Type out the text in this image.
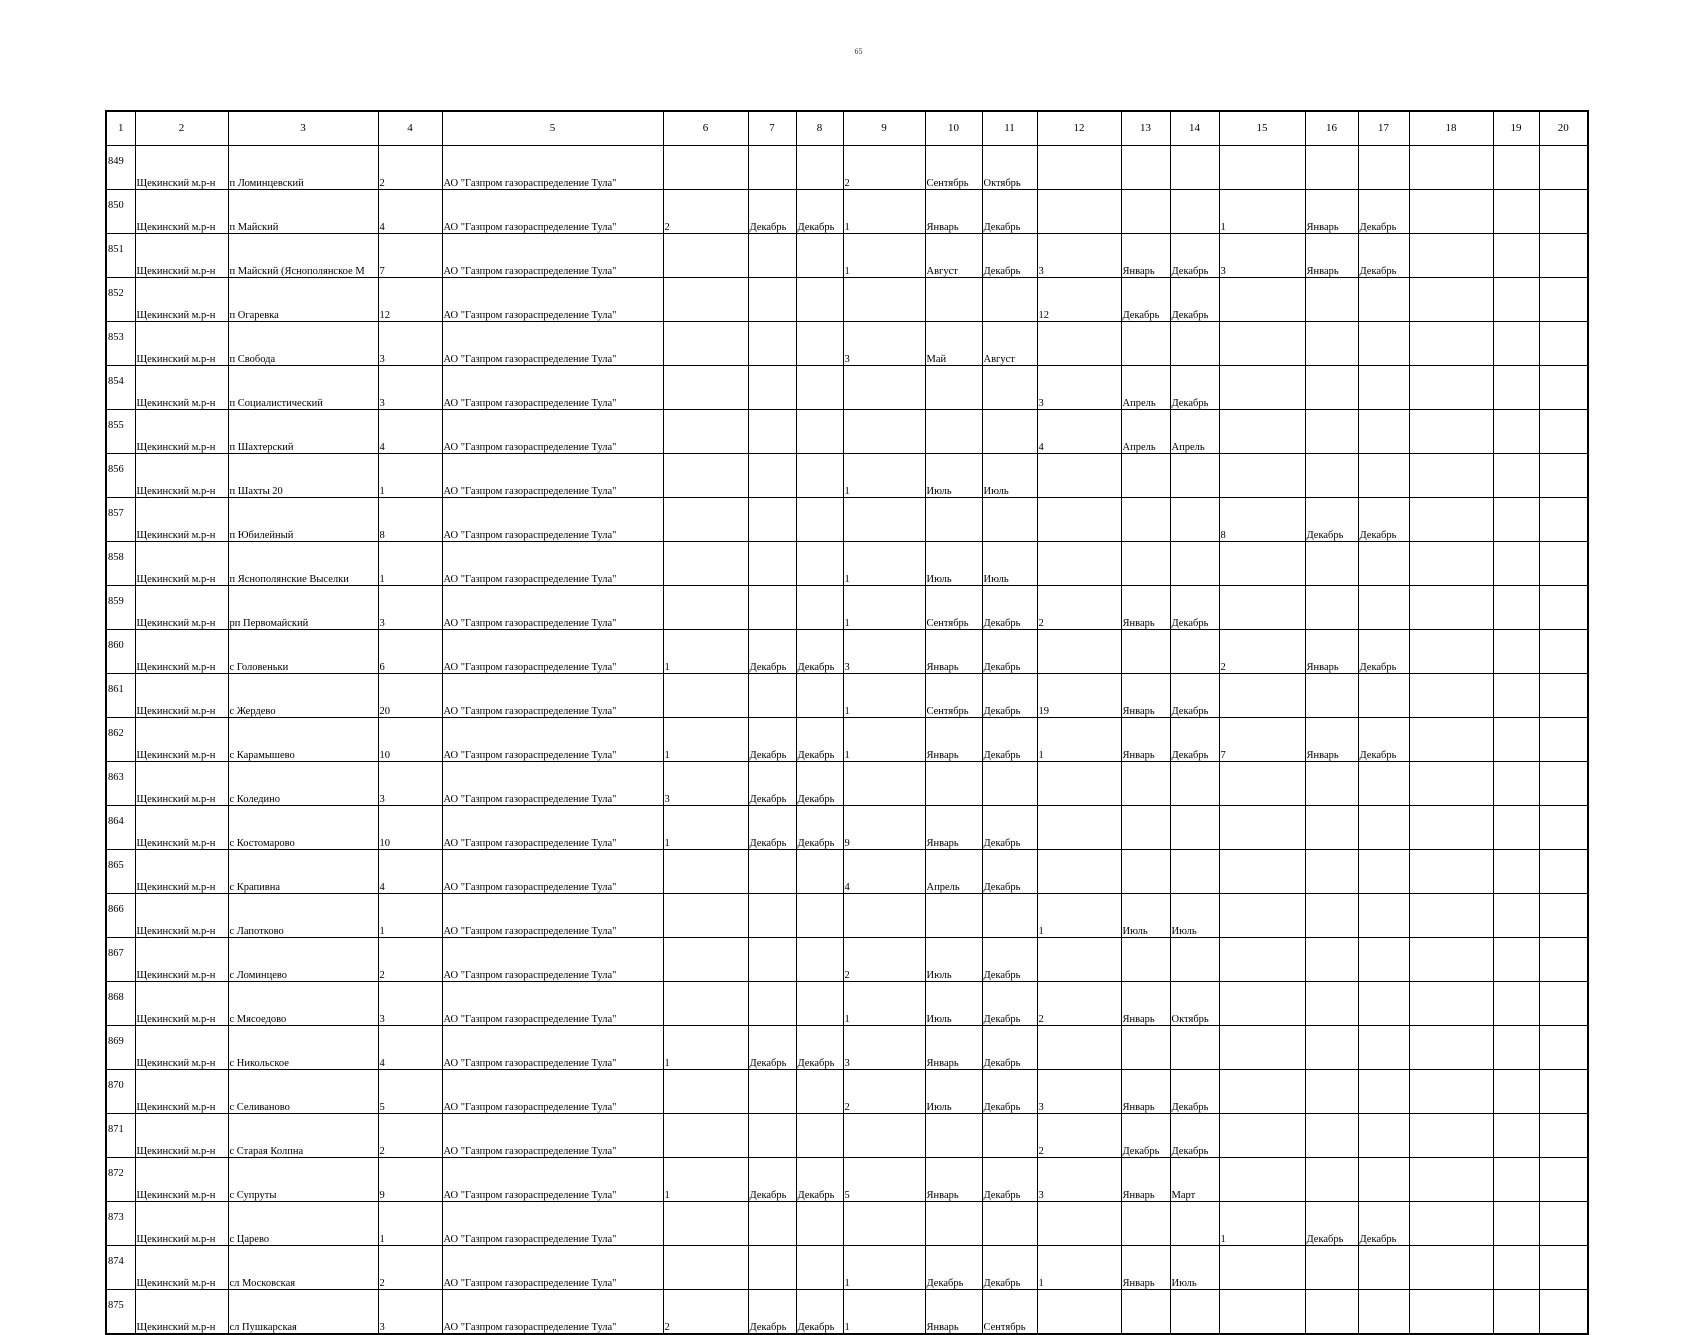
65
1	2	3	4	5	6	7	8	9	10	11	12	13	14	15	16	17	18	19	20
849	Щекинский м.р-н	п Ломинцевский	2	АО "Газпром газораспределение Тула"				2	Сентябрь	Октябрь									
850	Щекинский м.р-н	п Майский	4	АО "Газпром газораспределение Тула"	2	Декабрь	Декабрь	1	Январь	Декабрь				1	Январь	Декабрь			
851	Щекинский м.р-н	п Майский (Яснополянское М	7	АО "Газпром газораспределение Тула"				1	Август	Декабрь	3	Январь	Декабрь	3	Январь	Декабрь			
852	Щекинский м.р-н	п Огаревка	12	АО "Газпром газораспределение Тула"							12	Декабрь	Декабрь						
853	Щекинский м.р-н	п Свобода	3	АО "Газпром газораспределение Тула"				3	Май	Август									
854	Щекинский м.р-н	п Социалистический	3	АО "Газпром газораспределение Тула"							3	Апрель	Декабрь						
855	Щекинский м.р-н	п Шахтерский	4	АО "Газпром газораспределение Тула"							4	Апрель	Апрель						
856	Щекинский м.р-н	п Шахты 20	1	АО "Газпром газораспределение Тула"				1	Июль	Июль									
857	Щекинский м.р-н	п Юбилейный	8	АО "Газпром газораспределение Тула"										8	Декабрь	Декабрь			
858	Щекинский м.р-н	п Яснополянские Выселки	1	АО "Газпром газораспределение Тула"				1	Июль	Июль									
859	Щекинский м.р-н	рп Первомайский	3	АО "Газпром газораспределение Тула"				1	Сентябрь	Декабрь	2	Январь	Декабрь						
860	Щекинский м.р-н	с Головеньки	6	АО "Газпром газораспределение Тула"	1	Декабрь	Декабрь	3	Январь	Декабрь				2	Январь	Декабрь			
861	Щекинский м.р-н	с Жердево	20	АО "Газпром газораспределение Тула"				1	Сентябрь	Декабрь	19	Январь	Декабрь						
862	Щекинский м.р-н	с Карамышево	10	АО "Газпром газораспределение Тула"	1	Декабрь	Декабрь	1	Январь	Декабрь	1	Январь	Декабрь	7	Январь	Декабрь			
863	Щекинский м.р-н	с Коледино	3	АО "Газпром газораспределение Тула"	3	Декабрь	Декабрь												
864	Щекинский м.р-н	с Костомарово	10	АО "Газпром газораспределение Тула"	1	Декабрь	Декабрь	9	Январь	Декабрь									
865	Щекинский м.р-н	с Крапивна	4	АО "Газпром газораспределение Тула"				4	Апрель	Декабрь									
866	Щекинский м.р-н	с Лапотково	1	АО "Газпром газораспределение Тула"							1	Июль	Июль						
867	Щекинский м.р-н	с Ломинцево	2	АО "Газпром газораспределение Тула"				2	Июль	Декабрь									
868	Щекинский м.р-н	с Мясоедово	3	АО "Газпром газораспределение Тула"				1	Июль	Декабрь	2	Январь	Октябрь						
869	Щекинский м.р-н	с Никольское	4	АО "Газпром газораспределение Тула"	1	Декабрь	Декабрь	3	Январь	Декабрь									
870	Щекинский м.р-н	с Селиваново	5	АО "Газпром газораспределение Тула"				2	Июль	Декабрь	3	Январь	Декабрь						
871	Щекинский м.р-н	с Старая Колпна	2	АО "Газпром газораспределение Тула"							2	Декабрь	Декабрь						
872	Щекинский м.р-н	с Супруты	9	АО "Газпром газораспределение Тула"	1	Декабрь	Декабрь	5	Январь	Декабрь	3	Январь	Март						
873	Щекинский м.р-н	с Царево	1	АО "Газпром газораспределение Тула"										1	Декабрь	Декабрь			
874	Щекинский м.р-н	сл Московская	2	АО "Газпром газораспределение Тула"				1	Декабрь	Декабрь	1	Январь	Июль						
875	Щекинский м.р-н	сл Пушкарская	3	АО "Газпром газораспределение Тула"	2	Декабрь	Декабрь	1	Январь	Сентябрь									
